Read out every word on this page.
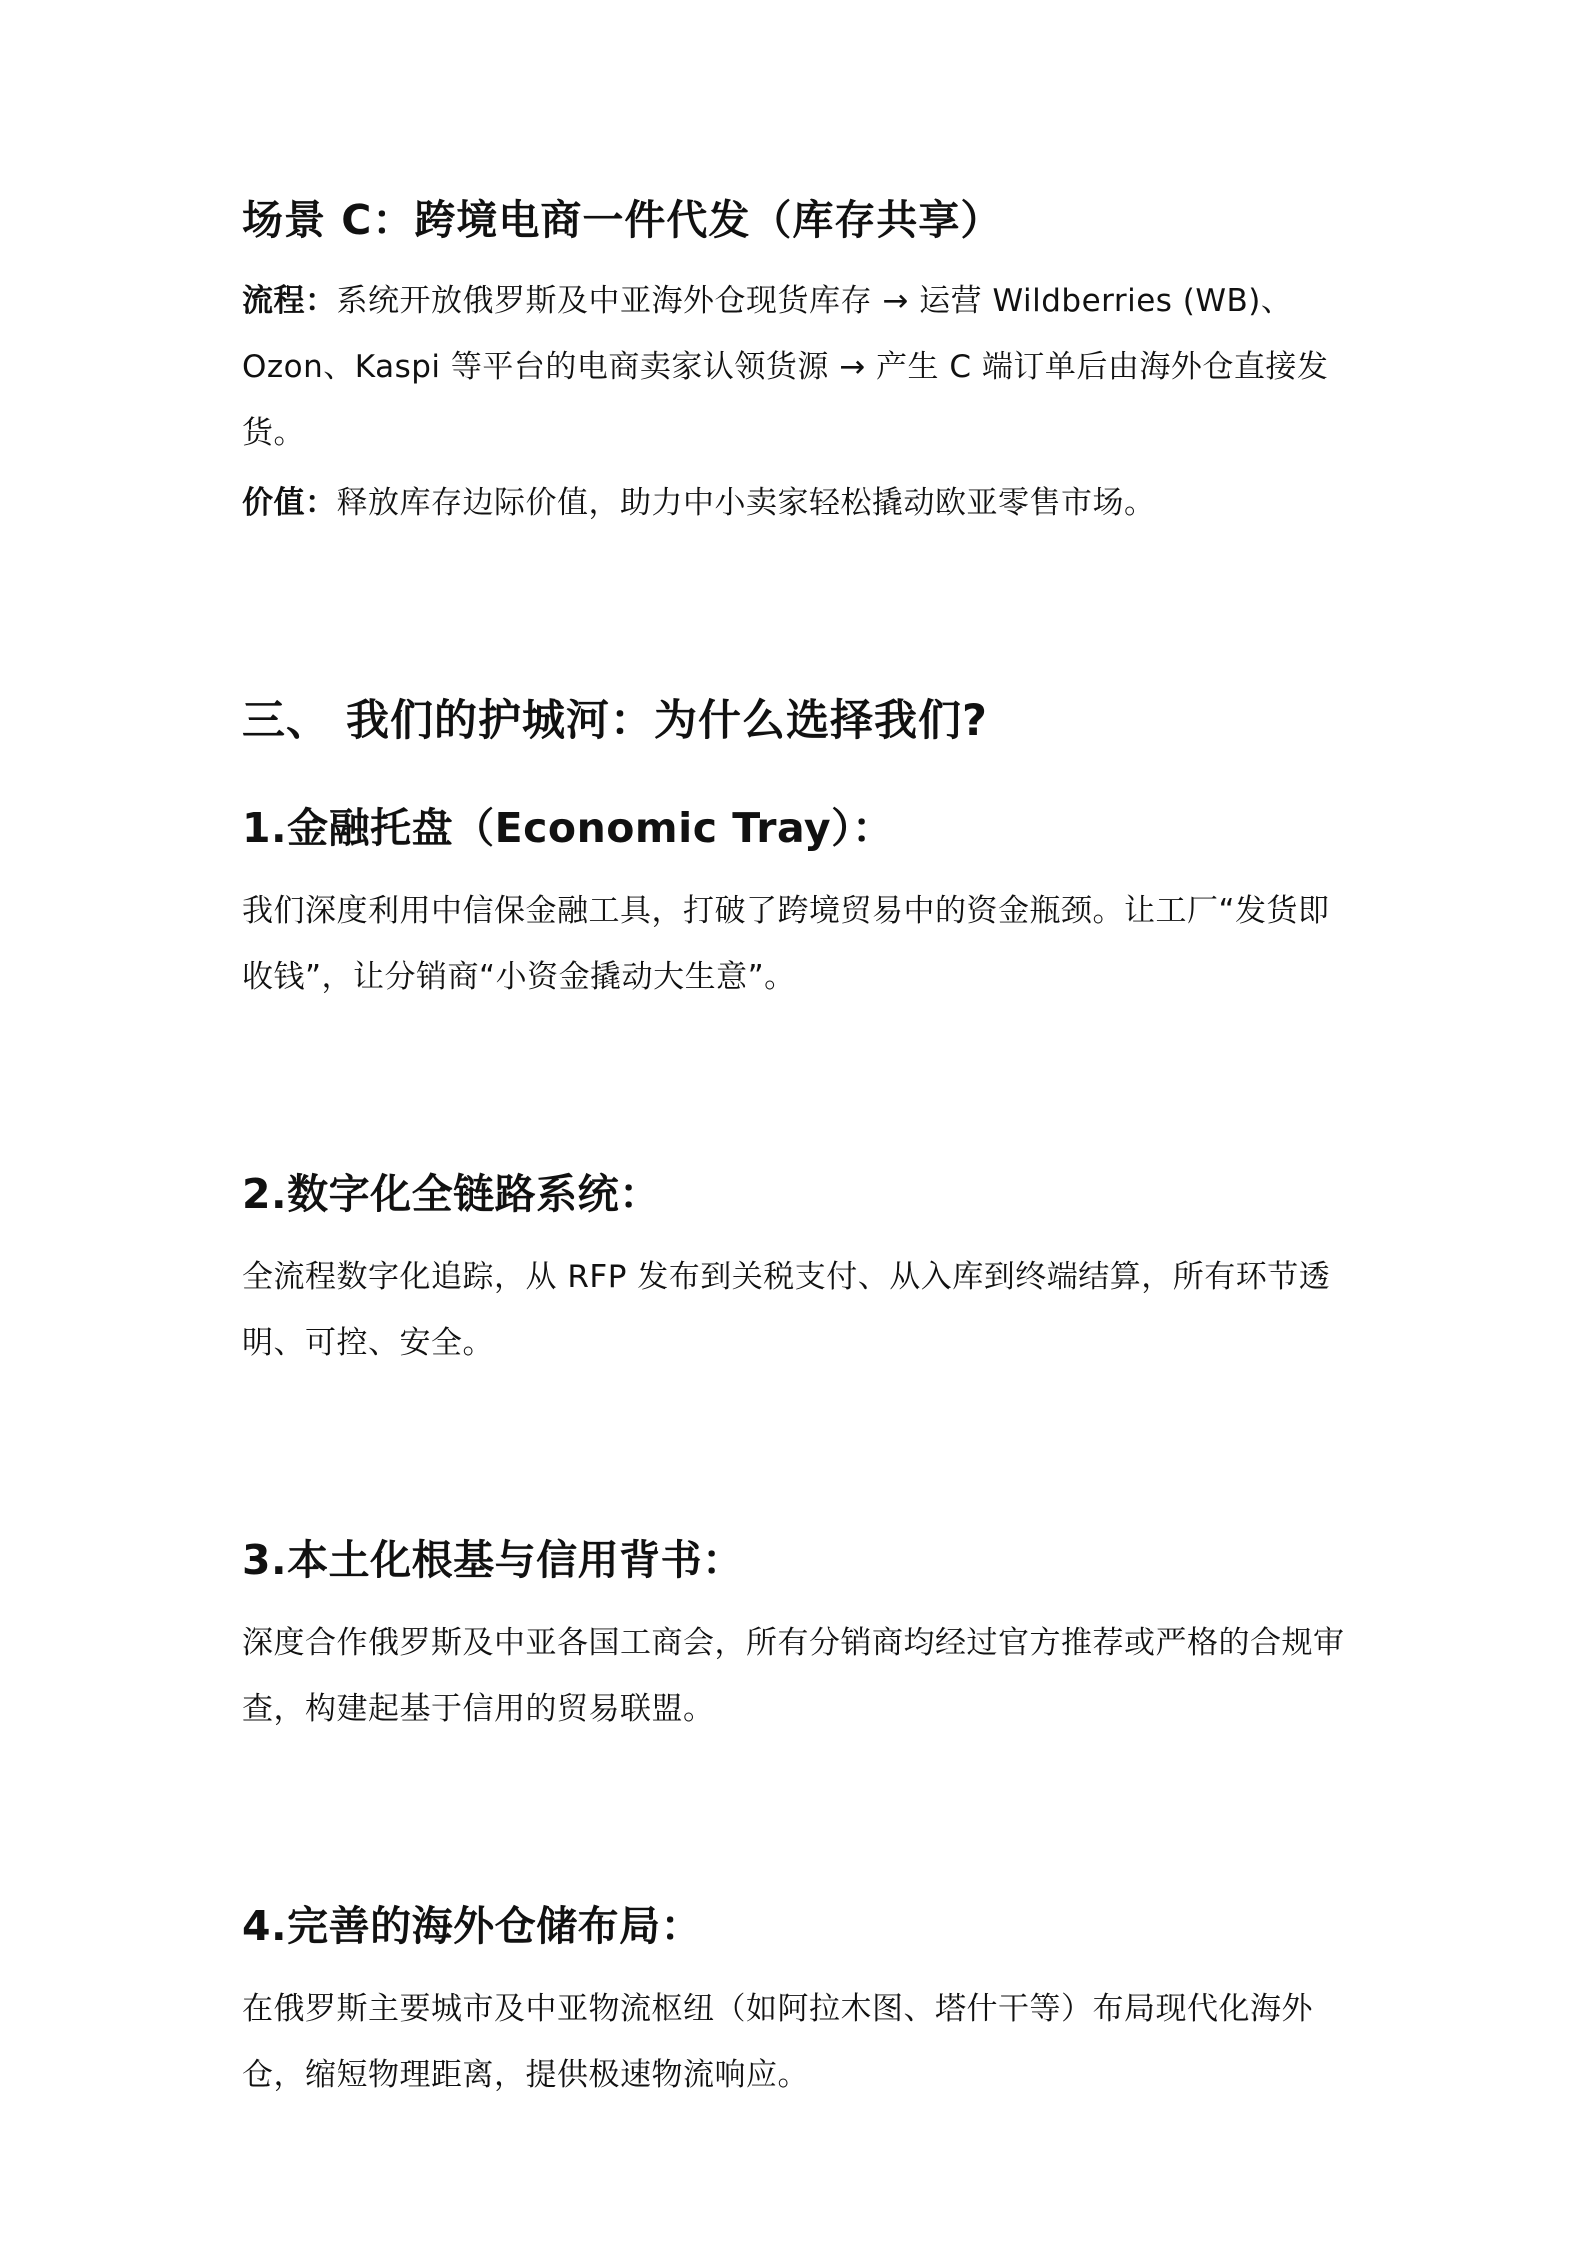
场景 C：跨境电商一件代发（库存共享）

流程：系统开放俄罗斯及中亚海外仓现货库存 → 运营 Wildberries (WB)、Ozon、Kaspi 等平台的电商卖家认领货源 → 产生 C 端订单后由海外仓直接发货。

价值：释放库存边际价值，助力中小卖家轻松撬动欧亚零售市场。

三、 我们的护城河：为什么选择我们?
1.金融托盘（Economic Tray）：

我们深度利用中信保金融工具，打破了跨境贸易中的资金瓶颈。让工厂“发货即收钱”，让分销商“小资金撬动大生意”。

2.数字化全链路系统：

全流程数字化追踪，从 RFP 发布到关税支付、从入库到终端结算，所有环节透明、可控、安全。

3.本土化根基与信用背书：

深度合作俄罗斯及中亚各国工商会，所有分销商均经过官方推荐或严格的合规审查，构建起基于信用的贸易联盟。

4.完善的海外仓储布局：

在俄罗斯主要城市及中亚物流枢纽（如阿拉木图、塔什干等）布局现代化海外仓，缩短物理距离，提供极速物流响应。
